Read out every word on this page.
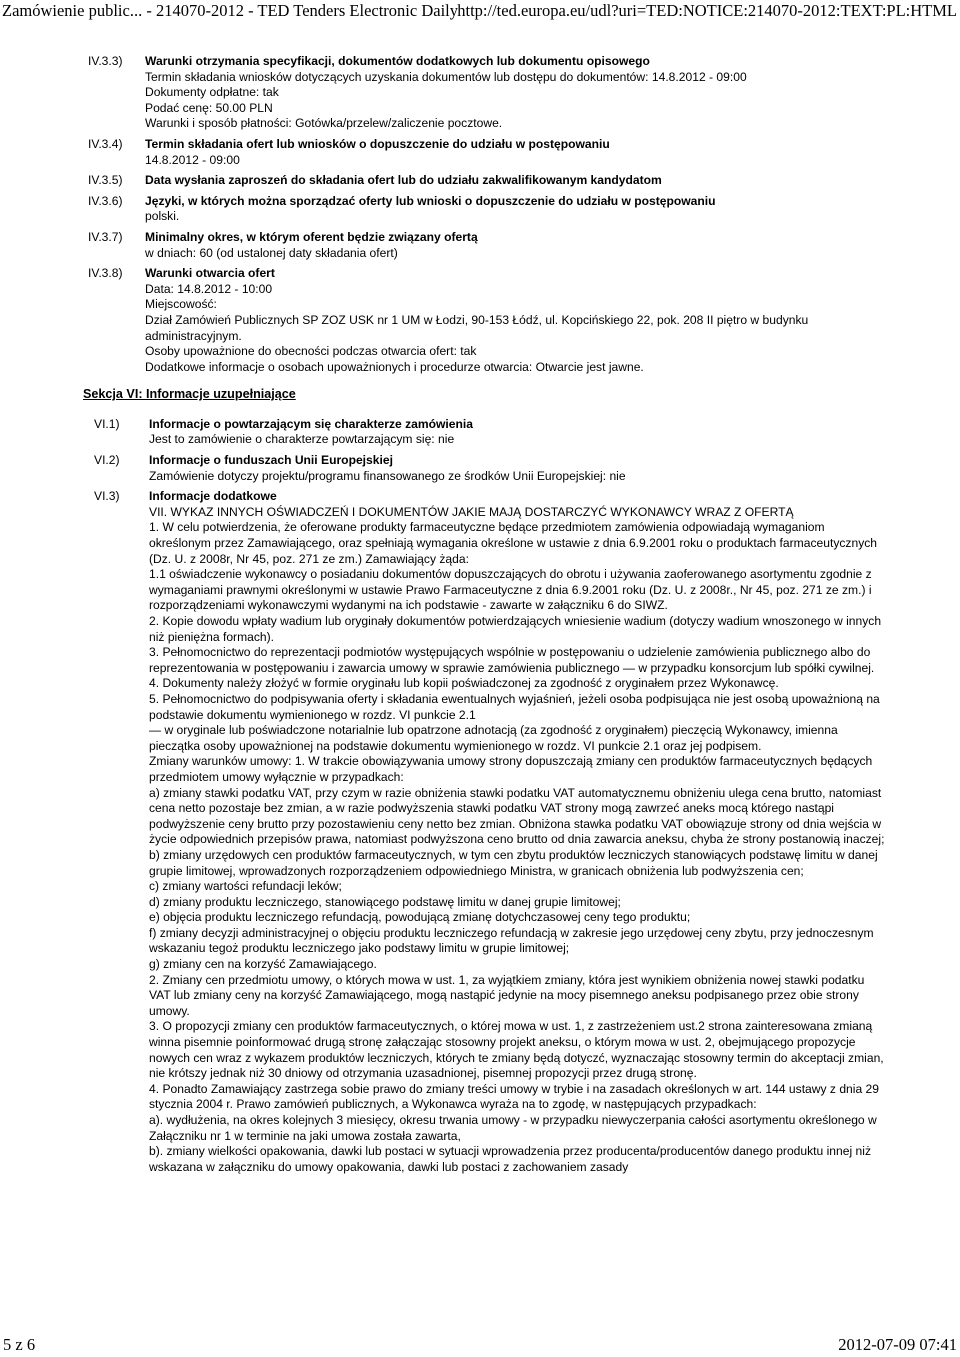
Zamówienie public... - 214070-2012 - TED Tenders Electronic Daily http://ted.europa.eu/udl?uri=TED:NOTICE:214070-2012:TEXT:PL:HTML
IV.3.3) Warunki otrzymania specyfikacji, dokumentów dodatkowych lub dokumentu opisowego

Termin składania wniosków dotyczących uzyskania dokumentów lub dostępu do dokumentów: 14.8.2012 - 09:00

Dokumenty odpłatne: tak

Podać cenę: 50.00 PLN

Warunki i sposób płatności: Gotówka/przelew/zaliczenie pocztowe.

IV.3.4) Termin składania ofert lub wniosków o dopuszczenie do udziału w postępowaniu

14.8.2012 - 09:00

IV.3.5) Data wysłania zaproszeń do składania ofert lub do udziału zakwalifikowanym kandydatom
IV.3.6) Języki, w których można sporządzać oferty lub wnioski o dopuszczenie do udziału w postępowaniu

polski.

IV.3.7) Minimalny okres, w którym oferent będzie związany ofertą

w dniach: 60 (od ustalonej daty składania ofert)

IV.3.8) Warunki otwarcia ofert

Data: 14.8.2012 - 10:00

Miejscowość:

Dział Zamówień Publicznych SP ZOZ USK nr 1 UM w Łodzi, 90-153 Łódź, ul. Kopcińskiego 22, pok. 208 II piętro w budynku administracyjnym.

Osoby upoważnione do obecności podczas otwarcia ofert: tak

Dodatkowe informacje o osobach upoważnionych i procedurze otwarcia: Otwarcie jest jawne.

Sekcja VI: Informacje uzupełniające
VI.1) Informacje o powtarzającym się charakterze zamówienia

Jest to zamówienie o charakterze powtarzającym się: nie

VI.2) Informacje o funduszach Unii Europejskiej

Zamówienie dotyczy projektu/programu finansowanego ze środków Unii Europejskiej: nie

VI.3) Informacje dodatkowe

VII. WYKAZ INNYCH OŚWIADCZEŃ I DOKUMENTÓW JAKIE MAJĄ DOSTARCZYĆ WYKONAWCY WRAZ Z OFERTĄ

1. W celu potwierdzenia, że oferowane produkty farmaceutyczne będące przedmiotem zamówienia odpowiadają wymaganiom określonym przez Zamawiającego, oraz spełniają wymagania określone w ustawie z dnia 6.9.2001 roku o produktach farmaceutycznych (Dz. U. z 2008r, Nr 45, poz. 271 ze zm.) Zamawiający żąda:

1.1 oświadczenie wykonawcy o posiadaniu dokumentów dopuszczających do obrotu i używania zaoferowanego asortymentu zgodnie z wymaganiami prawnymi określonymi w ustawie Prawo Farmaceutyczne z dnia 6.9.2001 roku (Dz. U. z 2008r., Nr 45, poz. 271 ze zm.) i rozporządzeniami wykonawczymi wydanymi na ich podstawie - zawarte w załączniku 6 do SIWZ.

2. Kopie dowodu wpłaty wadium lub oryginały dokumentów potwierdzających wniesienie wadium (dotyczy wadium wnoszonego w innych niż pieniężna formach).

3. Pełnomocnictwo do reprezentacji podmiotów występujących wspólnie w postępowaniu o udzielenie zamówienia publicznego albo do reprezentowania w postępowaniu i zawarcia umowy w sprawie zamówienia publicznego — w przypadku konsorcjum lub spółki cywilnej.

4. Dokumenty należy złożyć w formie oryginału lub kopii poświadczonej za zgodność z oryginałem przez Wykonawcę.

5. Pełnomocnictwo do podpisywania oferty i składania ewentualnych wyjaśnień, jeżeli osoba podpisująca nie jest osobą upoważnioną na podstawie dokumentu wymienionego w rozdz. VI punkcie 2.1

— w oryginale lub poświadczone notarialnie lub opatrzone adnotacją (za zgodność z oryginałem) pieczęcią Wykonawcy, imienna pieczątka osoby upoważnionej na podstawie dokumentu wymienionego w rozdz. VI punkcie 2.1 oraz jej podpisem.

Zmiany warunków umowy: 1. W trakcie obowiązywania umowy strony dopuszczają zmiany cen produktów farmaceutycznych będących przedmiotem umowy wyłącznie w przypadkach:

a) zmiany stawki podatku VAT, przy czym w razie obniżenia stawki podatku VAT automatycznemu obniżeniu ulega cena brutto, natomiast cena netto pozostaje bez zmian, a w razie podwyższenia stawki podatku VAT strony mogą zawrzeć aneks mocą którego nastąpi podwyższenie ceny brutto przy pozostawieniu ceny netto bez zmian. Obniżona stawka podatku VAT obowiązuje strony od dnia wejścia w życie odpowiednich przepisów prawa, natomiast podwyższona ceno brutto od dnia zawarcia aneksu, chyba że strony postanowią inaczej;

b) zmiany urzędowych cen produktów farmaceutycznych, w tym cen zbytu produktów leczniczych stanowiących podstawę limitu w danej grupie limitowej, wprowadzonych rozporządzeniem odpowiedniego Ministra, w granicach obniżenia lub podwyższenia cen;

c) zmiany wartości refundacji leków;

d) zmiany produktu leczniczego, stanowiącego podstawę limitu w danej grupie limitowej;

e) objęcia produktu leczniczego refundacją, powodującą zmianę dotychczasowej ceny tego produktu;

f) zmiany decyzji administracyjnej o objęciu produktu leczniczego refundacją w zakresie jego urzędowej ceny zbytu, przy jednoczesnym wskazaniu tegoż produktu leczniczego jako podstawy limitu w grupie limitowej;

g) zmiany cen na korzyść Zamawiającego.

2. Zmiany cen przedmiotu umowy, o których mowa w ust. 1, za wyjątkiem zmiany, która jest wynikiem obniżenia nowej stawki podatku VAT lub zmiany ceny na korzyść Zamawiającego, mogą nastąpić jedynie na mocy pisemnego aneksu podpisanego przez obie strony umowy.

3. O propozycji zmiany cen produktów farmaceutycznych, o której mowa w ust. 1, z zastrzeżeniem ust.2 strona zainteresowana zmianą winna pisemnie poinformować drugą stronę załączając stosowny projekt aneksu, o którym mowa w ust. 2, obejmującego propozycje nowych cen wraz z wykazem produktów leczniczych, których te zmiany będą dotyczć, wyznaczając stosowny termin do akceptacji zmian, nie krótszy jednak niż 30 dniowy od otrzymania uzasadnionej, pisemnej propozycji przez drugą stronę.

4. Ponadto Zamawiający zastrzega sobie prawo do zmiany treści umowy w trybie i na zasadach określonych w art. 144 ustawy z dnia 29 stycznia 2004 r. Prawo zamówień publicznych, a Wykonawca wyraża na to zgodę, w następujących przypadkach:

a). wydłużenia, na okres kolejnych 3 miesięcy, okresu trwania umowy - w przypadku niewyczerpania całości asortymentu określonego w Załączniku nr 1 w terminie na jaki umowa została zawarta,

b). zmiany wielkości opakowania, dawki lub postaci w sytuacji wprowadzenia przez producenta/producentów danego produktu innej niż wskazana w załączniku do umowy opakowania, dawki lub postaci z zachowaniem zasady

5 z 6	2012-07-09 07:41
